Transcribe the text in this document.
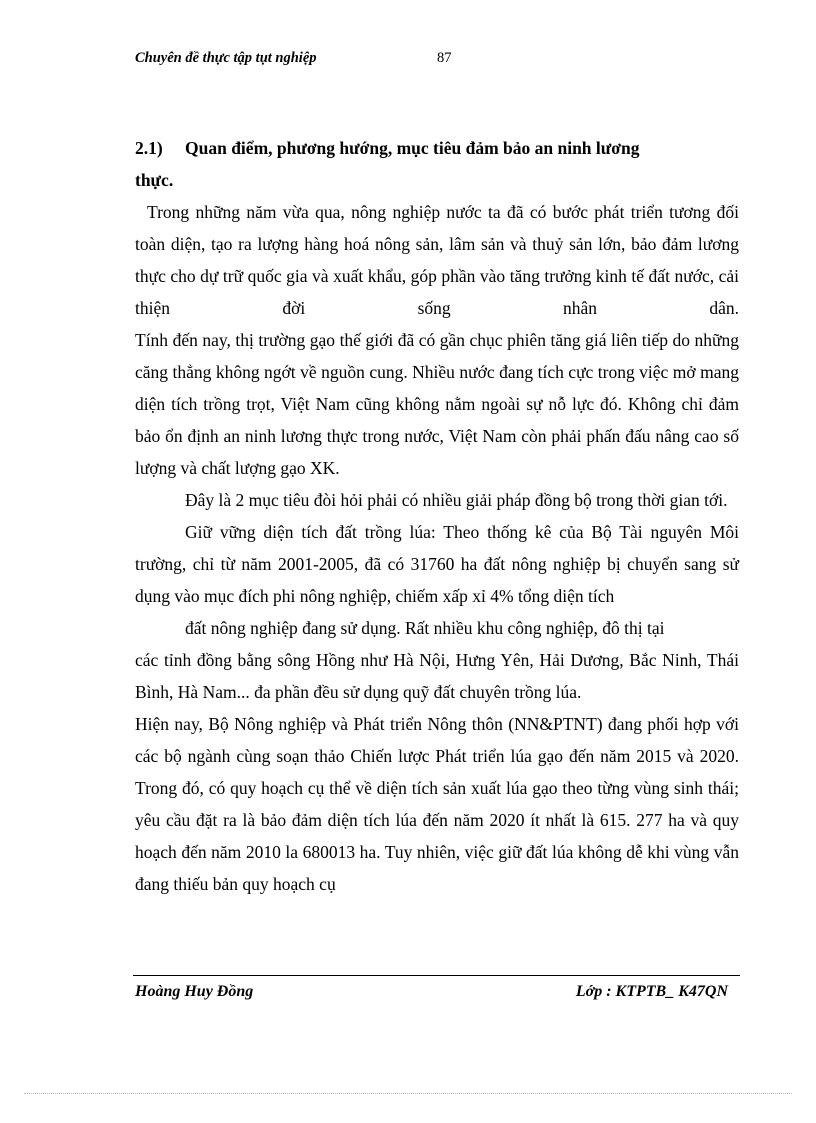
Chuyên đề thực tập tụt nghiệp	87
2.1) Quan điểm, phương hướng, mục tiêu đảm bảo an ninh lương
thực.

Trong những năm vừa qua, nông nghiệp nước ta đã có bước phát triển tương đối toàn diện, tạo ra lượng hàng hoá nông sản, lâm sản và thuỷ sản lớn, bảo đảm lương thực cho dự trữ quốc gia và xuất khẩu, góp phần vào tăng trưởng kinh tế đất nước, cải thiện đời sống nhân dân.

Tính đến nay, thị trường gạo thế giới đã có gần chục phiên tăng giá liên tiếp do những căng thẳng không ngớt về nguồn cung. Nhiều nước đang tích cực trong việc mở mang diện tích trồng trọt, Việt Nam cũng không nằm ngoài sự nỗ lực đó. Không chỉ đảm bảo ổn định an ninh lương thực trong nước, Việt Nam còn phải phấn đấu nâng cao số lượng và chất lượng gạo XK.

Đây là 2 mục tiêu đòi hỏi phải có nhiều giải pháp đồng bộ trong thời gian tới.

Giữ vững diện tích đất trồng lúa: Theo thống kê của Bộ Tài nguyên Môi trường, chỉ từ năm 2001-2005, đã có 31760 ha đất nông nghiệp bị chuyển sang sử dụng vào mục đích phi nông nghiệp, chiếm xấp xỉ 4% tổng diện tích

đất nông nghiệp đang sử dụng. Rất nhiều khu công nghiệp, đô thị tại

các tỉnh đồng bằng sông Hồng như Hà Nội, Hưng Yên, Hải Dương, Bắc Ninh, Thái Bình, Hà Nam... đa phần đều sử dụng quỹ đất chuyên trồng lúa.

Hiện nay, Bộ Nông nghiệp và Phát triển Nông thôn (NN&PTNT) đang phối hợp với các bộ ngành cùng soạn thảo Chiến lược Phát triển lúa gạo đến năm 2015 và 2020. Trong đó, có quy hoạch cụ thể về diện tích sản xuất lúa gạo theo từng vùng sinh thái; yêu cầu đặt ra là bảo đảm diện tích lúa đến năm 2020 ít nhất là 615. 277 ha và quy hoạch đến năm 2010 la 680013 ha. Tuy nhiên, việc giữ đất lúa không dễ khi vùng vẫn đang thiếu bản quy hoạch cụ

Hoàng Huy Đồng	Lớp : KTPTB_ K47QN
